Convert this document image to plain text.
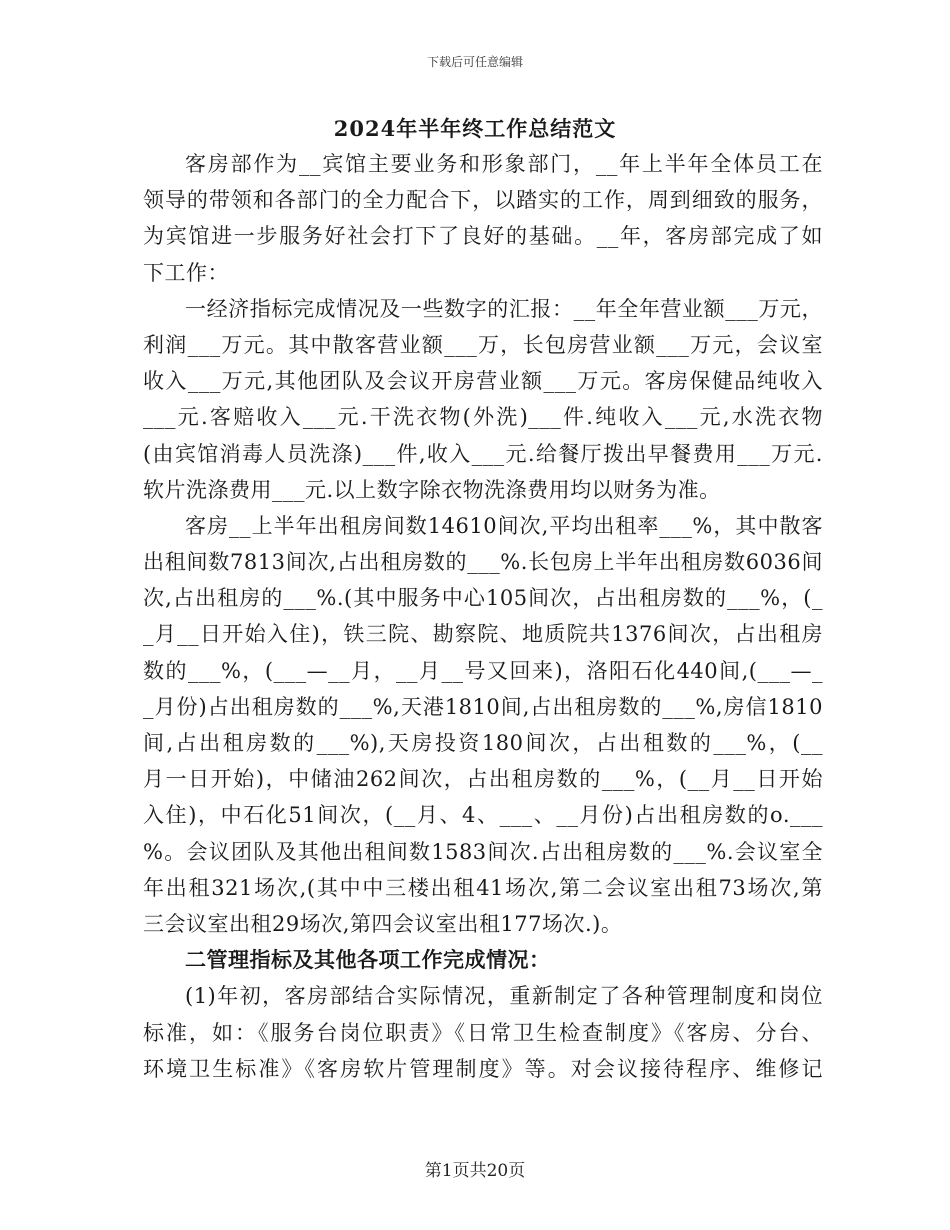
下载后可任意编辑
2024年半年终工作总结范文
客房部作为__宾馆主要业务和形象部门，__年上半年全体员工在
领导的带领和各部门的全力配合下，以踏实的工作，周到细致的服务，
为宾馆进一步服务好社会打下了良好的基础。__年，客房部完成了如
下工作：
一经济指标完成情况及一些数字的汇报：__年全年营业额___万元，
利润___万元。其中散客营业额___万，长包房营业额___万元，会议室
收入___万元,其他团队及会议开房营业额___万元。客房保健品纯收入
___元.客赔收入___元.干洗衣物(外洗)___件.纯收入___元,水洗衣物
(由宾馆消毒人员洗涤)___件,收入___元.给餐厅拨出早餐费用___万元.
软片洗涤费用___元.以上数字除衣物洗涤费用均以财务为准。
客房__上半年出租房间数14610间次,平均出租率___%，其中散客
出租间数7813间次,占出租房数的___%.长包房上半年出租房数6036间
次,占出租房的___%.(其中服务中心105间次，占出租房数的___%，(_
_月__日开始入住)，铁三院、勘察院、地质院共1376间次，占出租房
数的___%，(___—__月，__月__号又回来)，洛阳石化440间,(___—_
_月份)占出租房数的___%,天港1810间,占出租房数的___%,房信1810
间,占出租房数的___%),天房投资180间次，占出租数的___%，(__
月一日开始)，中储油262间次，占出租房数的___%，(__月__日开始
入住)，中石化51间次，(__月、4、___、__月份)占出租房数的o.___
%。会议团队及其他出租间数1583间次.占出租房数的___%.会议室全
年出租321场次,(其中中三楼出租41场次,第二会议室出租73场次,第
三会议室出租29场次,第四会议室出租177场次.)。
二管理指标及其他各项工作完成情况：
(1)年初，客房部结合实际情况，重新制定了各种管理制度和岗位
标准，如：《服务台岗位职责》《日常卫生检查制度》《客房、分台、
环境卫生标准》《客房软片管理制度》等。对会议接待程序、维修记
第1页共20页
